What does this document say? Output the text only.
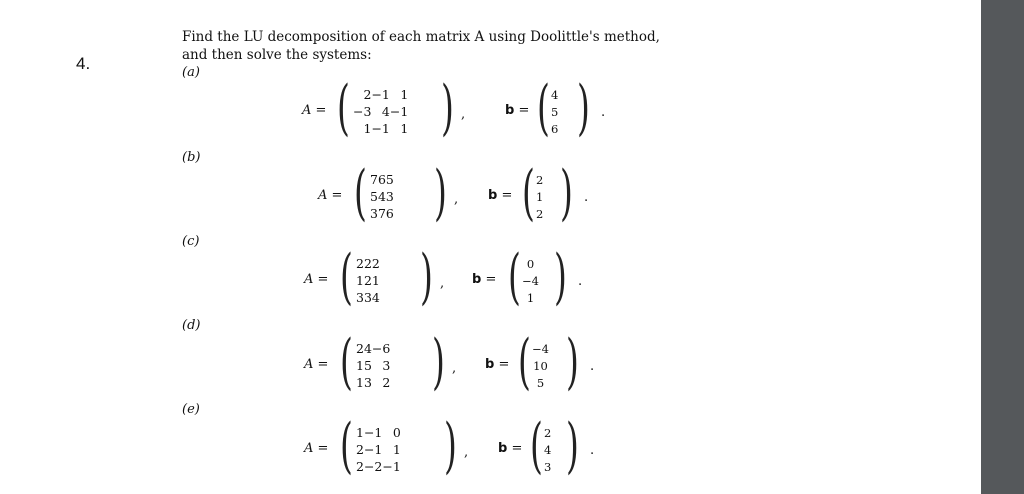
4.
Find the LU decomposition of each matrix A using Doolittle's method,
and then solve the systems:
(a)
(b)
(c)
(d)
(e)
A = ( 2	−1	1
−3	4	−1
1	−1	1 ) ,	b = ( 4
5
6 ) .
A = ( 7	6	5
5	4	3
3	7	6 ) , b = ( 2
1
2 ) .
A = ( 2	2	2
1	2	1
3	3	4 ) , b = ( 0
−4
1 ) .
A = ( 2	4	−6
1	5	3
1	3	2 ) , b = ( −4
10
5 ) .
A = ( 1	−1	0
2	−1	1
2	−2	−1 ) , b = ( 2
4
3 ) .
